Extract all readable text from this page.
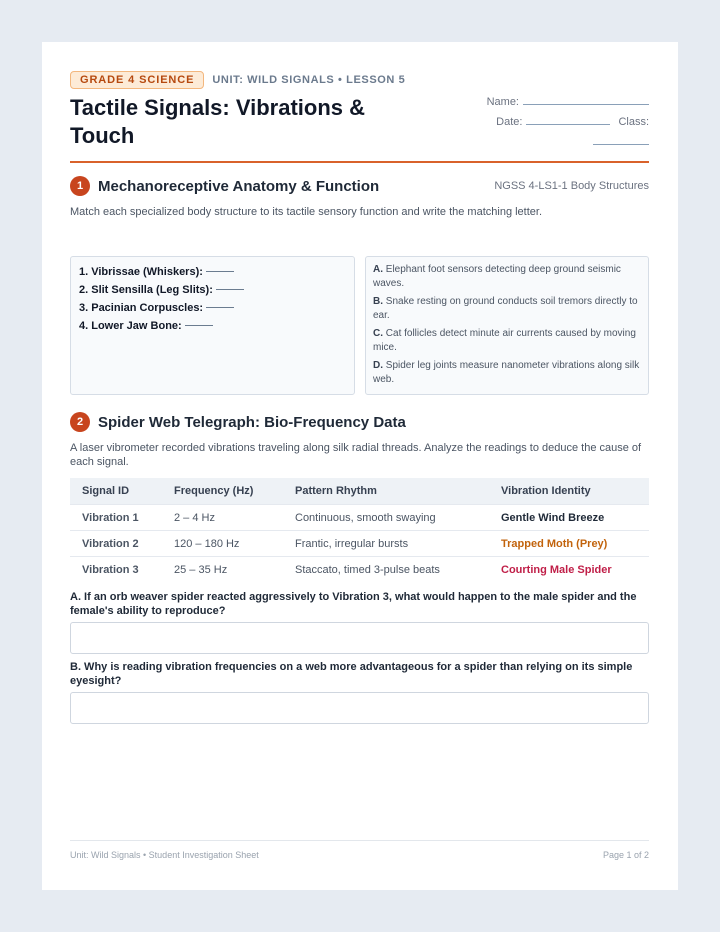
GRADE 4 SCIENCE	UNIT: WILD SIGNALS • LESSON 5
Tactile Signals: Vibrations & Touch
Name:
Date:	Class:
1 Mechanoreceptive Anatomy & Function	NGSS 4-LS1-1 Body Structures

Match each specialized body structure to its tactile sensory function and write the matching letter.

1. Vibrissae (Whiskers):
2. Slit Sensilla (Leg Slits):
3. Pacinian Corpuscles:
4. Lower Jaw Bone:
A. Elephant foot sensors detecting deep ground seismic waves.
B. Snake resting on ground conducts soil tremors directly to ear.
C. Cat follicles detect minute air currents caused by moving mice.
D. Spider leg joints measure nanometer vibrations along silk web.
2 Spider Web Telegraph: Bio-Frequency Data

A laser vibrometer recorded vibrations traveling along silk radial threads. Analyze the readings to deduce the cause of each signal.

Signal ID	Frequency (Hz)	Pattern Rhythm	Vibration Identity
Vibration 1	2 – 4 Hz	Continuous, smooth swaying	Gentle Wind Breeze
Vibration 2	120 – 180 Hz	Frantic, irregular bursts	Trapped Moth (Prey)
Vibration 3	25 – 35 Hz	Staccato, timed 3-pulse beats	Courting Male Spider

A. If an orb weaver spider reacted aggressively to Vibration 3, what would happen to the male spider and the female's ability to reproduce?

B. Why is reading vibration frequencies on a web more advantageous for a spider than relying on its simple eyesight?

Unit: Wild Signals • Student Investigation Sheet	Page 1 of 2
